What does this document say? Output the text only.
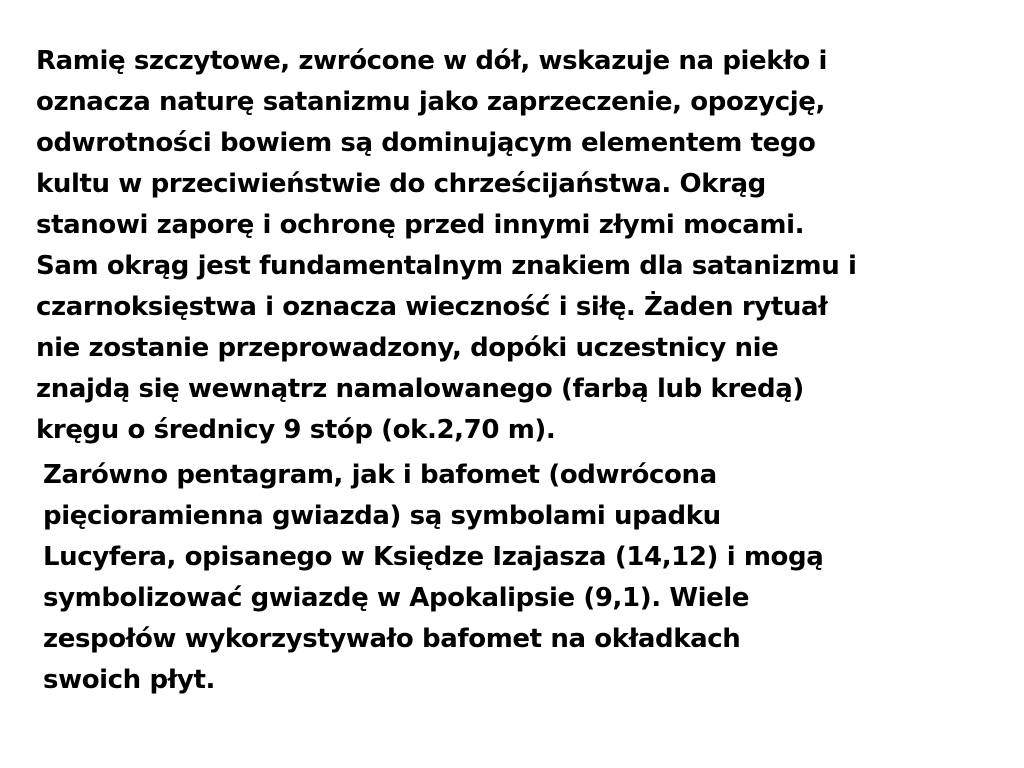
Ramię szczytowe, zwrócone w dół, wskazuje na piekło i
oznacza naturę satanizmu jako zaprzeczenie, opozycję,
odwrotności bowiem są dominującym elementem tego
kultu w przeciwieństwie do chrześcijaństwa. Okrąg
stanowi zaporę i ochronę przed innymi złymi mocami.
Sam okrąg jest fundamentalnym znakiem dla satanizmu i
czarnoksięstwa i oznacza wieczność i siłę. Żaden rytuał
nie zostanie przeprowadzony, dopóki uczestnicy nie
znajdą się wewnątrz namalowanego (farbą lub kredą)
kręgu o średnicy 9 stóp (ok.2,70 m).

Zarówno pentagram, jak i bafomet (odwrócona
pięcioramienna gwiazda) są symbolami upadku
Lucyfera, opisanego w Księdze Izajasza (14,12) i mogą
symbolizować gwiazdę w Apokalipsie (9,1). Wiele
zespołów wykorzystywało bafomet na okładkach
swoich płyt.
